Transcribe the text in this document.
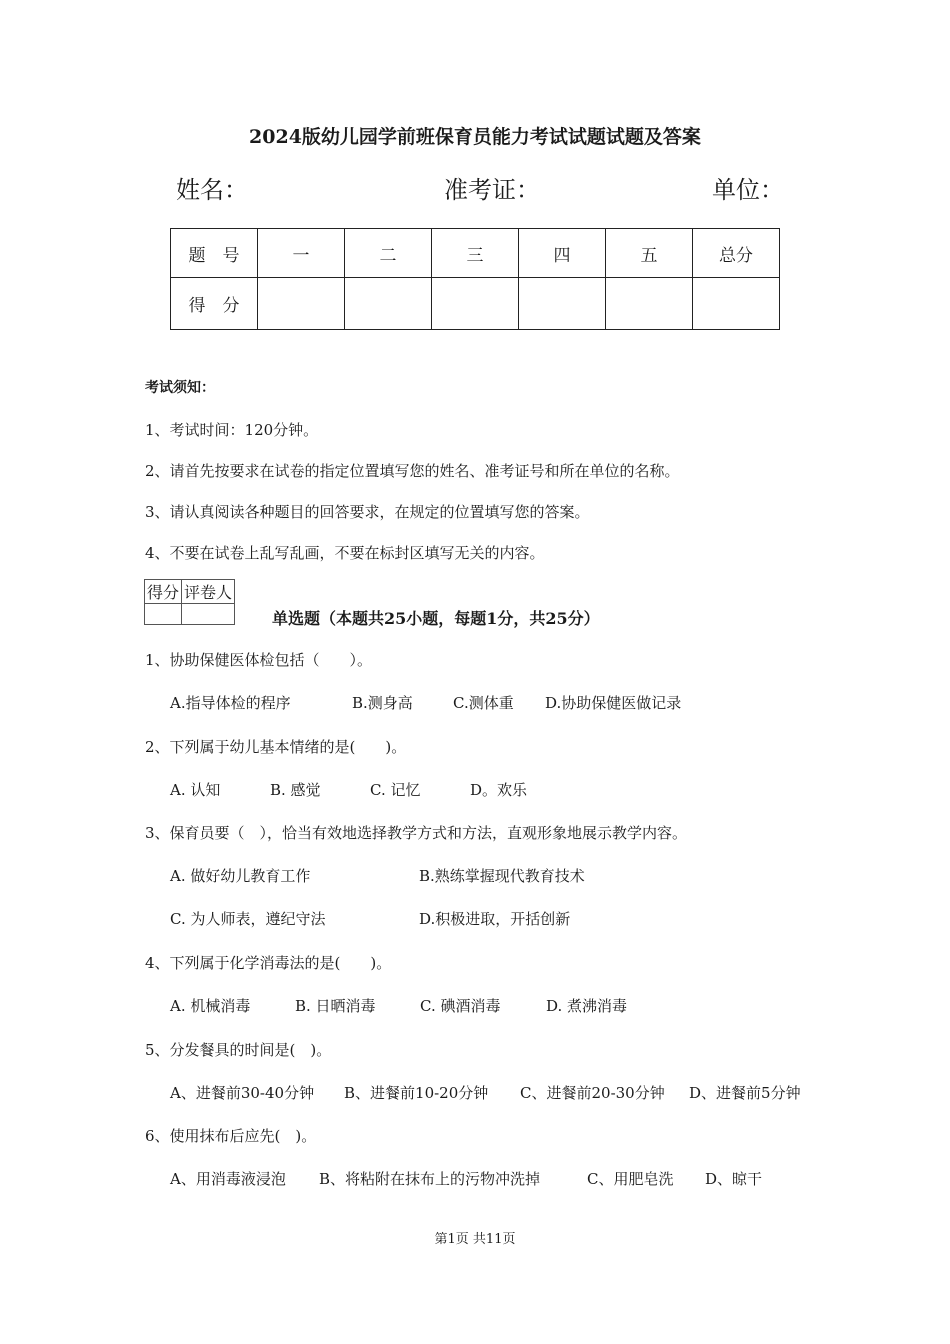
2024版幼儿园学前班保育员能力考试试题试题及答案
姓名：	准考证：	单位：
题　号	一	二	三	四	五	总分
得　分						
考试须知：
1、考试时间：120分钟。
2、请首先按要求在试卷的指定位置填写您的姓名、准考证号和所在单位的名称。
3、请认真阅读各种题目的回答要求，在规定的位置填写您的答案。
4、不要在试卷上乱写乱画，不要在标封区填写无关的内容。
得分	评卷人

单选题（本题共25小题，每题1分，共25分）
1、协助保健医体检包括（　　）。
A.指导体检的程序	B.测身高	C.测体重 D.协助保健医做记录
2、下列属于幼儿基本情绪的是(　　)。
A. 认知	B. 感觉	C. 记忆	D。欢乐
3、保育员要（　），恰当有效地选择教学方式和方法，直观形象地展示教学内容。
A. 做好幼儿教育工作	B.熟练掌握现代教育技术
C. 为人师表，遵纪守法	D.积极进取，开括创新
4、下列属于化学消毒法的是(　　)。
A. 机械消毒	B. 日晒消毒	C. 碘酒消毒	D. 煮沸消毒
5、分发餐具的时间是(　)。
A、进餐前30-40分钟 B、进餐前10-20分钟 C、进餐前20-30分钟 D、进餐前5分钟
6、使用抹布后应先(　)。
A、用消毒液浸泡 B、将粘附在抹布上的污物冲洗掉	C、用肥皂洗 D、晾干
第1页 共11页
